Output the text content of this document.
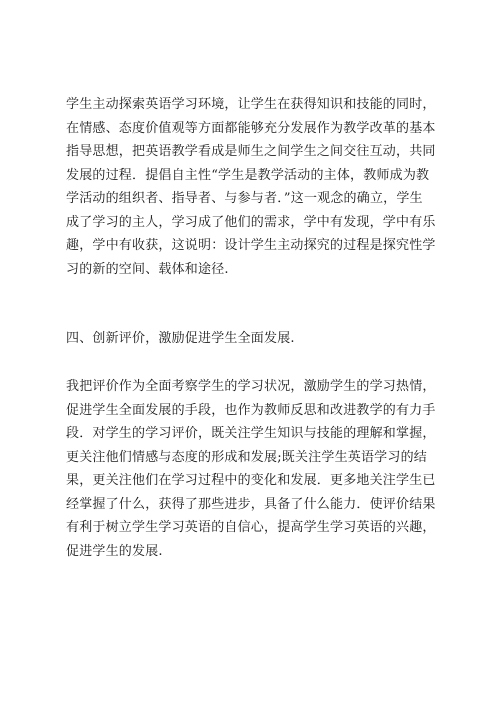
学生主动探索英语学习环境，让学生在获得知识和技能的同时，
在情感、态度价值观等方面都能够充分发展作为教学改革的基本
指导思想，把英语教学看成是师生之间学生之间交往互动，共同
发展的过程．提倡自主性“学生是教学活动的主体，教师成为教
学活动的组织者、指导者、与参与者．”这一观念的确立，学生
成了学习的主人，学习成了他们的需求，学中有发现，学中有乐
趣，学中有收获，这说明：设计学生主动探究的过程是探究性学
习的新的空间、载体和途径.
四、创新评价，激励促进学生全面发展.
我把评价作为全面考察学生的学习状况，激励学生的学习热情，
促进学生全面发展的手段，也作为教师反思和改进教学的有力手
段．对学生的学习评价，既关注学生知识与技能的理解和掌握，
更关注他们情感与态度的形成和发展;既关注学生英语学习的结
果，更关注他们在学习过程中的变化和发展．更多地关注学生已
经掌握了什么，获得了那些进步，具备了什么能力．使评价结果
有利于树立学生学习英语的自信心，提高学生学习英语的兴趣，
促进学生的发展.
